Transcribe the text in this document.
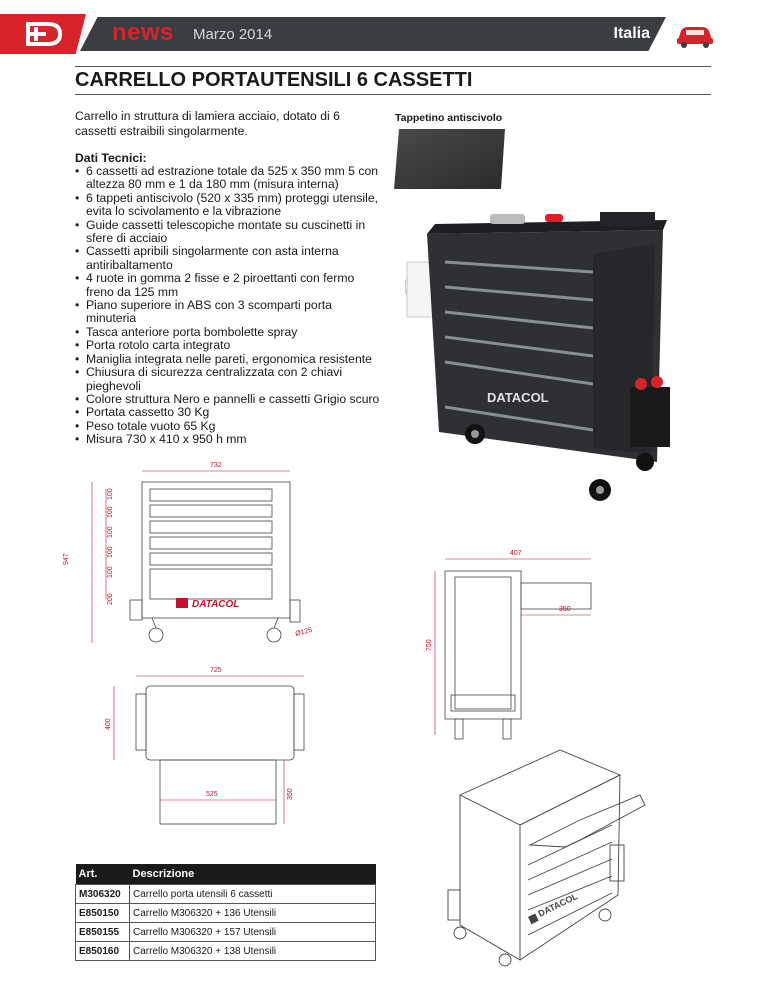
news Marzo 2014	Italia
CARRELLO PORTAUTENSILI 6 CASSETTI
Carrello in struttura di lamiera acciaio, dotato di 6 cassetti estraibili singolarmente.
Dati Tecnici:
• 6 cassetti ad estrazione totale da 525 x 350 mm 5 con altezza 80 mm e 1 da 180 mm (misura interna)
• 6 tappeti antiscivolo (520 x 335 mm) proteggi utensile, evita lo scivolamento e la vibrazione
• Guide cassetti telescopiche montate su cuscinetti in sfere di acciaio
• Cassetti apribili singolarmente con asta interna antiribaltamento
• 4 ruote in gomma 2 fisse e 2 piroettanti con fermo freno da 125 mm
• Piano superiore in ABS con 3 scomparti porta minuteria
• Tasca anteriore porta bombolette spray
• Porta rotolo carta integrato
• Maniglia integrata nelle pareti, ergonomica resistente
• Chiusura di sicurezza centralizzata con 2 chiavi pieghevoli
• Colore struttura Nero e pannelli e cassetti Grigio scuro
• Portata cassetto 30 Kg
• Peso totale vuoto 65 Kg
• Misura 730 x 410 x 950 h mm
Tappetino antiscivolo
DATACOL
732
947
100
100
100
100
100
200	DATACOL
Ø125
725
400
525	350
407
350
750
DATACOL
Art.	Descrizione
M306320	Carrello porta utensili 6 cassetti
E850150	Carrello M306320 + 136 Utensili
E850155	Carrello M306320 + 157 Utensili
E850160	Carrello M306320 + 138 Utensili
